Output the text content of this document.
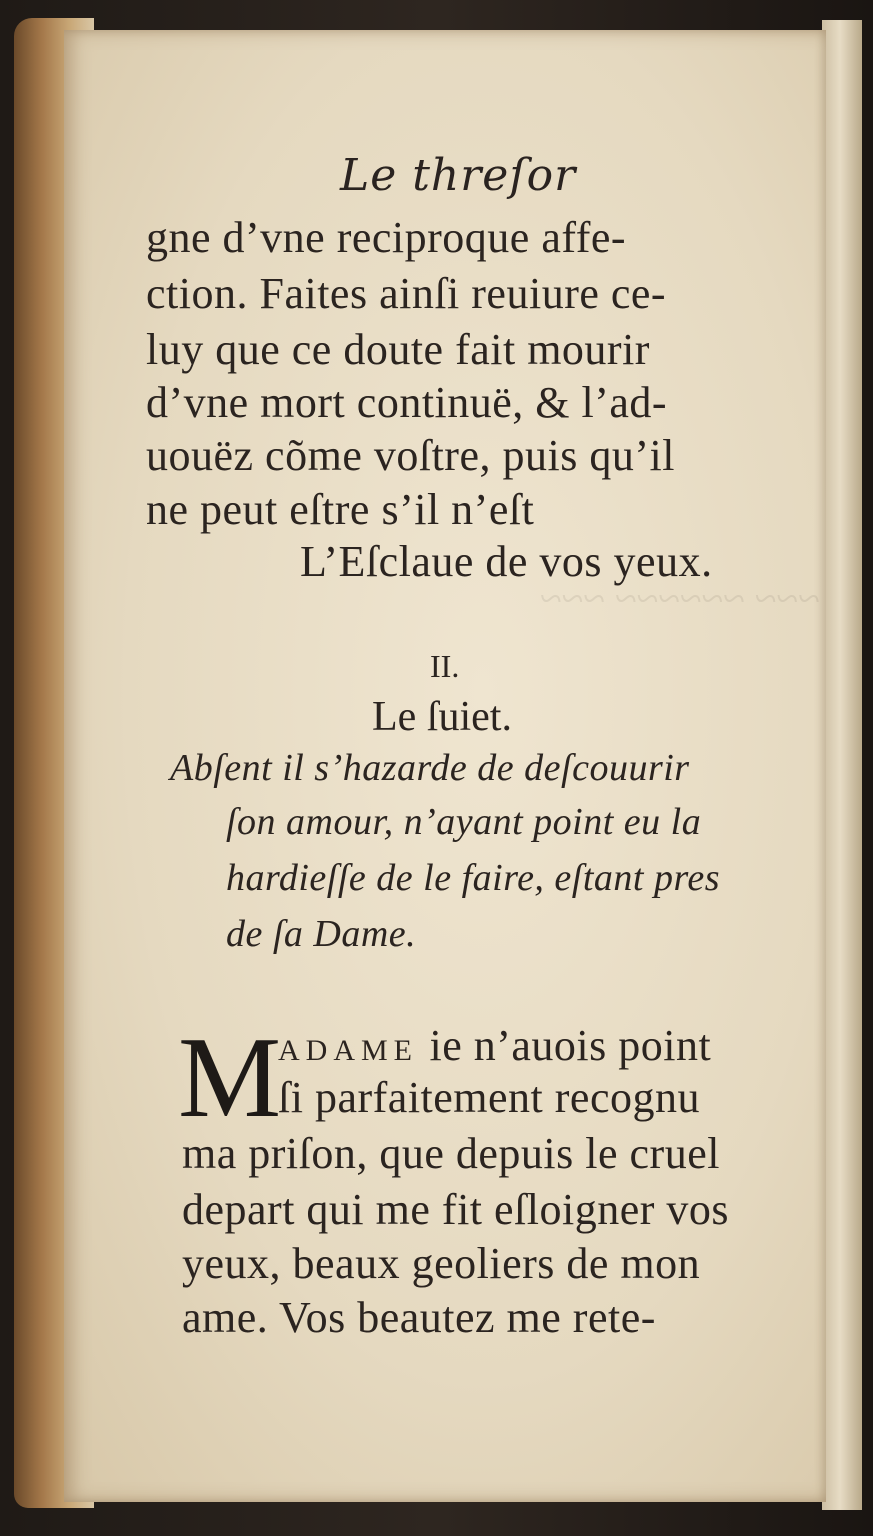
~~~ ~~~~~~ ~~~
Le threſor
gne d’vne reciproque affe-
ction. Faites ainſi reuiure ce-
luy que ce doute fait mourir
d’vne mort continuë, & l’ad-
uouëz cõme voſtre, puis qu’il
ne peut eſtre s’il n’eſt
L’Eſclaue de vos yeux.
II.
Le ſuiet.
Abſent il s’hazarde de deſcouurir
ſon amour, n’ayant point eu la
hardieſſe de le faire, eſtant pres
de ſa Dame.
M
ADAME ie n’auois point
ſi parfaitement recognu
ma priſon, que depuis le cruel
depart qui me fit eſloigner vos
yeux, beaux geoliers de mon
ame. Vos beautez me rete-
